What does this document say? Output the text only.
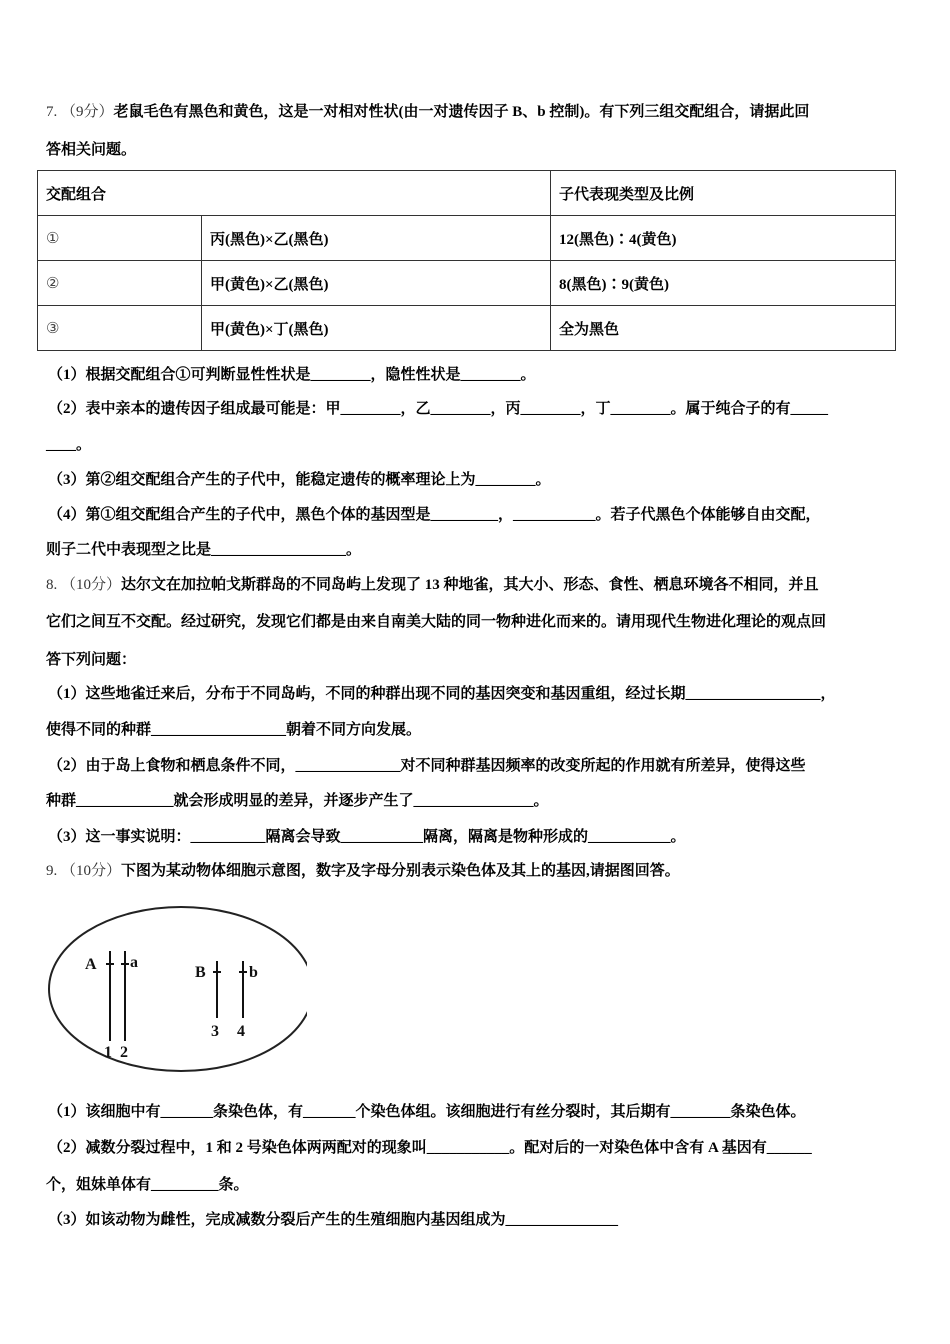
7. （9分）老鼠毛色有黑色和黄色，这是一对相对性状(由一对遗传因子 B、b 控制)。有下列三组交配组合，请据此回
答相关问题。
交配组合		子代表现类型及比例
①	丙(黑色)×乙(黑色)	12(黑色)∶4(黄色)
②	甲(黄色)×乙(黑色)	8(黑色)∶9(黄色)
③	甲(黄色)×丁(黑色)	全为黑色
（1）根据交配组合①可判断显性性状是________，隐性性状是________。
（2）表中亲本的遗传因子组成最可能是：甲________，乙________，丙________，丁________。属于纯合子的有_____
____。
（3）第②组交配组合产生的子代中，能稳定遗传的概率理论上为________。
（4）第①组交配组合产生的子代中，黑色个体的基因型是_________，___________。若子代黑色个体能够自由交配，
则子二代中表现型之比是__________________。
8. （10分）达尔文在加拉帕戈斯群岛的不同岛屿上发现了 13 种地雀，其大小、形态、食性、栖息环境各不相同，并且
它们之间互不交配。经过研究，发现它们都是由来自南美大陆的同一物种进化而来的。请用现代生物进化理论的观点回
答下列问题：
（1）这些地雀迁来后，分布于不同岛屿，不同的种群出现不同的基因突变和基因重组，经过长期__________________，
使得不同的种群__________________朝着不同方向发展。
（2）由于岛上食物和栖息条件不同，______________对不同种群基因频率的改变所起的作用就有所差异，使得这些
种群_____________就会形成明显的差异，并逐步产生了________________。
（3）这一事实说明：__________隔离会导致___________隔离，隔离是物种形成的___________。
9. （10分）下图为某动物体细胞示意图，数字及字母分别表示染色体及其上的基因,请据图回答。
A a
B	b
1 2
3 4
（1）该细胞中有_______条染色体，有_______个染色体组。该细胞进行有丝分裂时，其后期有________条染色体。
（2）减数分裂过程中，1 和 2 号染色体两两配对的现象叫___________。配对后的一对染色体中含有 A 基因有______
个，姐妹单体有_________条。
（3）如该动物为雌性，完成减数分裂后产生的生殖细胞内基因组成为_______________
